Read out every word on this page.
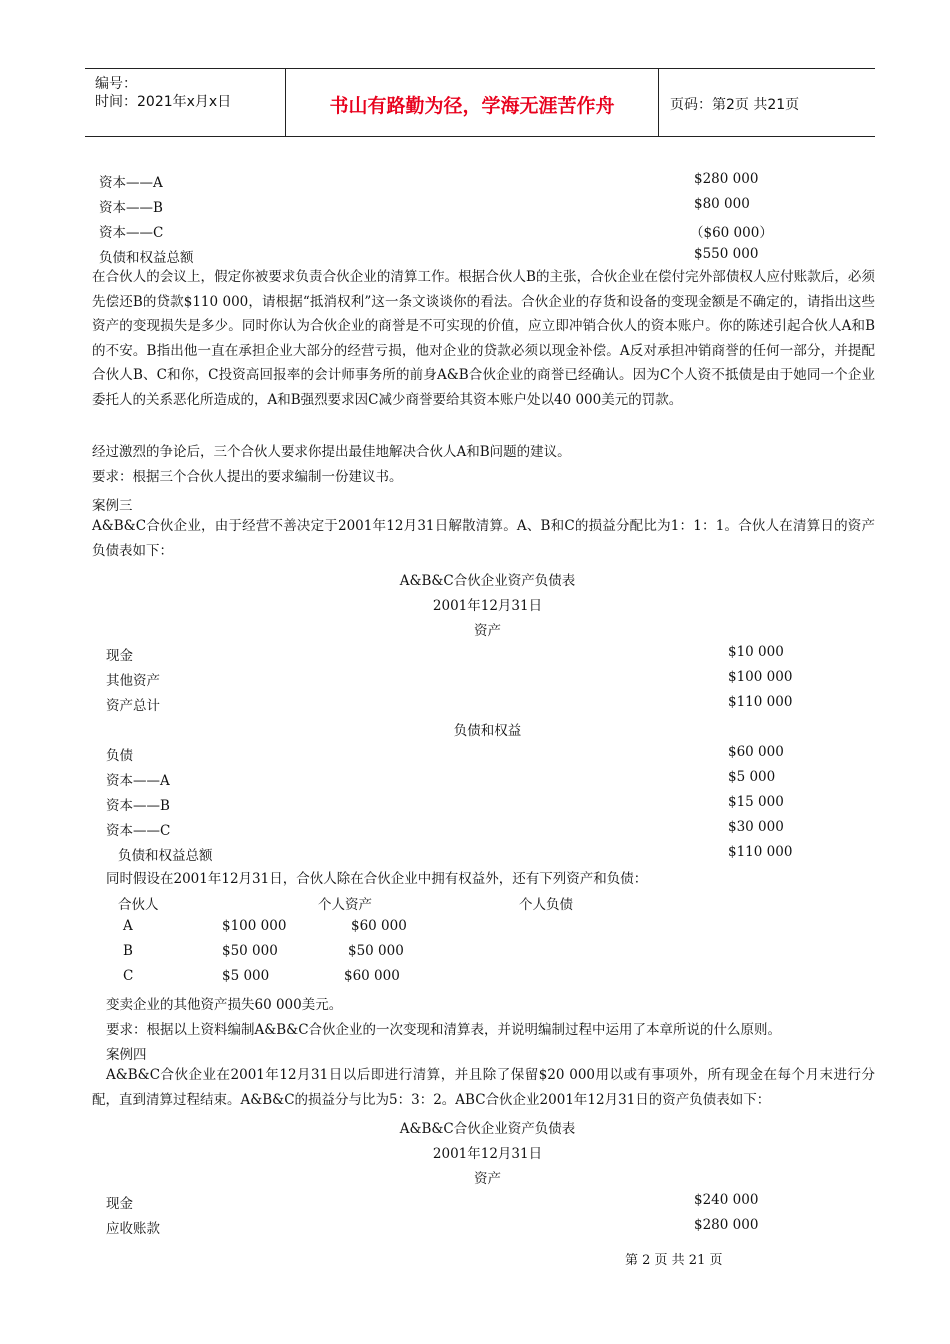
编号：
时间：2021年x月x日	书山有路勤为径，学海无涯苦作舟	页码：第2页 共21页
资本——A	$280 000
资本——B	$80 000
资本——C	（$60 000）
负债和权益总额	$550 000
在合伙人的会议上，假定你被要求负责合伙企业的清算工作。根据合伙人B的主张，合伙企业在偿付完外部债权人应付账款后，必须先偿还B的贷款$110 000，请根据“抵消权利”这一条文谈谈你的看法。合伙企业的存货和设备的变现金额是不确定的，请指出这些资产的变现损失是多少。同时你认为合伙企业的商誉是不可实现的价值，应立即冲销合伙人的资本账户。你的陈述引起合伙人A和B的不安。B指出他一直在承担企业大部分的经营亏损，他对企业的贷款必须以现金补偿。A反对承担冲销商誉的任何一部分，并提配合伙人B、C和你，C投资高回报率的会计师事务所的前身A&B合伙企业的商誉已经确认。因为C个人资不抵债是由于她同一个企业委托人的关系恶化所造成的，A和B强烈要求因C减少商誉要给其资本账户处以40 000美元的罚款。
经过激烈的争论后，三个合伙人要求你提出最佳地解决合伙人A和B问题的建议。
要求：根据三个合伙人提出的要求编制一份建议书。
案例三
A&B&C合伙企业，由于经营不善决定于2001年12月31日解散清算。A、B和C的损益分配比为1：1：1。合伙人在清算日的资产负债表如下：
A&B&C合伙企业资产负债表
2001年12月31日
资产
现金	$10 000
其他资产	$100 000
资产总计	$110 000
负债和权益
负债	$60 000
资本——A	$5 000
资本——B	$15 000
资本——C	$30 000
负债和权益总额	$110 000
同时假设在2001年12月31日，合伙人除在合伙企业中拥有权益外，还有下列资产和负债：
合伙人	个人资产	个人负债
A	$100 000	$60 000
B	$50 000	$50 000
C	$5 000	$60 000
变卖企业的其他资产损失60 000美元。
要求：根据以上资料编制A&B&C合伙企业的一次变现和清算表，并说明编制过程中运用了本章所说的什么原则。
案例四
A&B&C合伙企业在2001年12月31日以后即进行清算，并且除了保留$20 000用以或有事项外，所有现金在每个月末进行分配，直到清算过程结束。A&B&C的损益分与比为5：3：2。ABC合伙企业2001年12月31日的资产负债表如下：
A&B&C合伙企业资产负债表
2001年12月31日
资产
现金	$240 000
应收账款	$280 000
第 2 页 共 21 页
